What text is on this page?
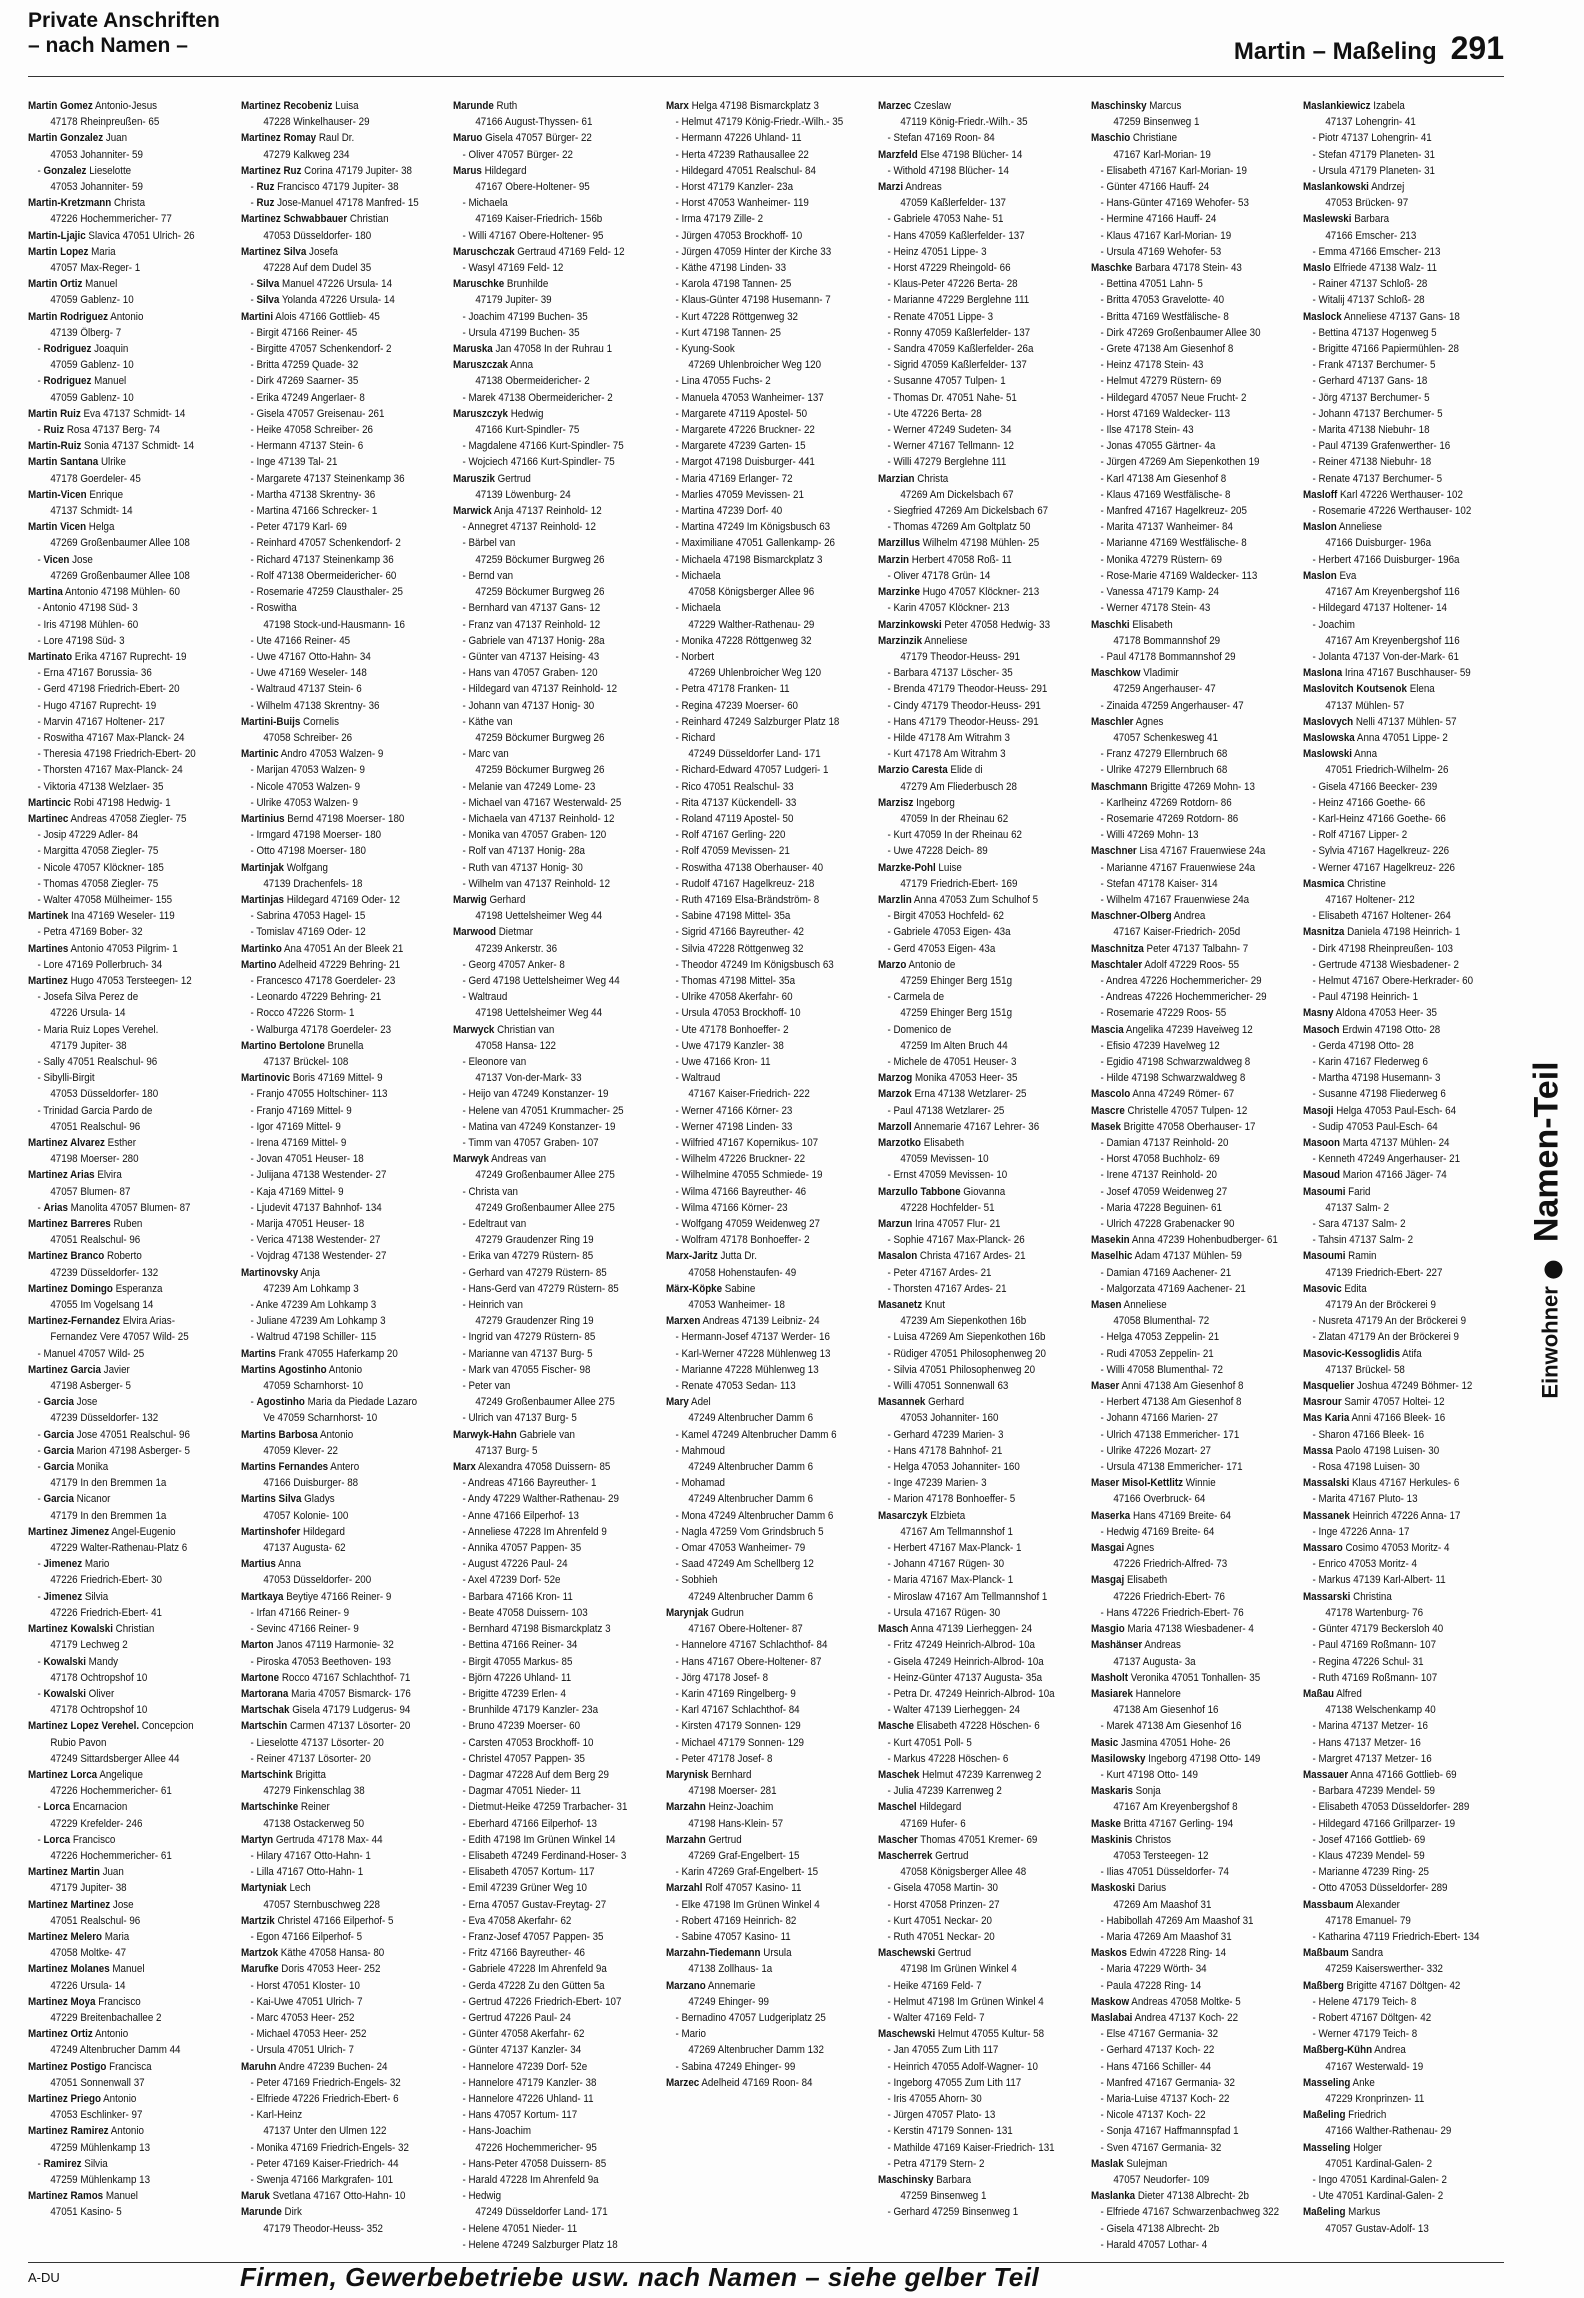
Private Anschriften
– nach Namen –	Martin – Maßeling 291
Martin Gomez Antonio-Jesus
47178 Rheinpreußen- 65
Martin Gonzalez Juan
47053 Johanniter- 59
- Gonzalez Lieselotte
47053 Johanniter- 59
Martin-Kretzmann Christa
47226 Hochemmericher- 77
Martin-Ljajic Slavica 47051 Ulrich- 26
Martin Lopez Maria
47057 Max-Reger- 1
Martin Ortiz Manuel
47059 Gablenz- 10
Martin Rodriguez Antonio
47139 Ölberg- 7
- Rodriguez Joaquin
47059 Gablenz- 10
- Rodriguez Manuel
47059 Gablenz- 10
Martin Ruiz Eva 47137 Schmidt- 14
- Ruiz Rosa 47137 Berg- 74
Martin-Ruiz Sonia 47137 Schmidt- 14
Martin Santana Ulrike
47178 Goerdeler- 45
Martin-Vicen Enrique
47137 Schmidt- 14
Martin Vicen Helga
47269 Großenbaumer Allee 108
- Vicen Jose
47269 Großenbaumer Allee 108
Martina Antonio 47198 Mühlen- 60
- Antonio 47198 Süd- 3
- Iris 47198 Mühlen- 60
- Lore 47198 Süd- 3
Martinato Erika 47167 Ruprecht- 19
- Erna 47167 Borussia- 36
- Gerd 47198 Friedrich-Ebert- 20
- Hugo 47167 Ruprecht- 19
- Marvin 47167 Holtener- 217
- Roswitha 47167 Max-Planck- 24
- Theresia 47198 Friedrich-Ebert- 20
- Thorsten 47167 Max-Planck- 24
- Viktoria 47138 Welzlaer- 35
Martincic Robi 47198 Hedwig- 1
Martinec Andreas 47058 Ziegler- 75
- Josip 47229 Adler- 84
- Margitta 47058 Ziegler- 75
- Nicole 47057 Klöckner- 185
- Thomas 47058 Ziegler- 75
- Walter 47058 Mülheimer- 155
Martinek Ina 47169 Weseler- 119
- Petra 47169 Bober- 32
Martines Antonio 47053 Pilgrim- 1
- Lore 47169 Pollerbruch- 34
Martinez Hugo 47053 Tersteegen- 12
- Josefa Silva Perez de
47226 Ursula- 14
- Maria Ruiz Lopes Verehel.
47179 Jupiter- 38
- Sally 47051 Realschul- 96
- Sibylli-Birgit
47053 Düsseldorfer- 180
- Trinidad Garcia Pardo de
47051 Realschul- 96
Martinez Alvarez Esther
47198 Moerser- 280
Martinez Arias Elvira
47057 Blumen- 87
- Arias Manolita 47057 Blumen- 87
Martinez Barreres Ruben
47051 Realschul- 96
Martinez Branco Roberto
47239 Düsseldorfer- 132
Martinez Domingo Esperanza
47055 Im Vogelsang 14
Martinez-Fernandez Elvira Arias-
Fernandez Vere 47057 Wild- 25
- Manuel 47057 Wild- 25
Martinez Garcia Javier
47198 Asberger- 5
- Garcia Jose
47239 Düsseldorfer- 132
- Garcia Jose 47051 Realschul- 96
- Garcia Marion 47198 Asberger- 5
- Garcia Monika
47179 In den Bremmen 1a
- Garcia Nicanor
47179 In den Bremmen 1a
Martinez Jimenez Angel-Eugenio
47229 Walter-Rathenau-Platz 6
- Jimenez Mario
47226 Friedrich-Ebert- 30
- Jimenez Silvia
47226 Friedrich-Ebert- 41
Martinez Kowalski Christian
47179 Lechweg 2
- Kowalski Mandy
47178 Ochtropshof 10
- Kowalski Oliver
47178 Ochtropshof 10
Martinez Lopez Verehel. Concepcion
Rubio Pavon
47249 Sittardsberger Allee 44
Martinez Lorca Angelique
47226 Hochemmericher- 61
- Lorca Encarnacion
47229 Krefelder- 246
- Lorca Francisco
47226 Hochemmericher- 61
Martinez Martin Juan
47179 Jupiter- 38
Martinez Martinez Jose
47051 Realschul- 96
Martinez Melero Maria
47058 Moltke- 47
Martinez Molanes Manuel
47226 Ursula- 14
Martinez Moya Francisco
47229 Breitenbachallee 2
Martinez Ortiz Antonio
47249 Altenbrucher Damm 44
Martinez Postigo Francisca
47051 Sonnenwall 37
Martinez Priego Antonio
47053 Eschlinker- 97
Martinez Ramirez Antonio
47259 Mühlenkamp 13
- Ramirez Silvia
47259 Mühlenkamp 13
Martinez Ramos Manuel
47051 Kasino- 5
Martinez Recobeniz Luisa
47228 Winkelhauser- 29
Martinez Romay Raul Dr.
47279 Kalkweg 234
Martinez Ruz Corina 47179 Jupiter- 38
- Ruz Francisco 47179 Jupiter- 38
- Ruz Jose-Manuel 47178 Manfred- 15
Martinez Schwabbauer Christian
47053 Düsseldorfer- 180
Martinez Silva Josefa
47228 Auf dem Dudel 35
- Silva Manuel 47226 Ursula- 14
- Silva Yolanda 47226 Ursula- 14
Martini Alois 47166 Gottlieb- 45
- Birgit 47166 Reiner- 45
- Birgitte 47057 Schenkendorf- 2
- Britta 47259 Quade- 32
- Dirk 47269 Saarner- 35
- Erika 47249 Angerlaer- 8
- Gisela 47057 Greisenau- 261
- Heike 47058 Schreiber- 26
- Hermann 47137 Stein- 6
- Inge 47139 Tal- 21
- Margarete 47137 Steinenkamp 36
- Martha 47138 Skrentny- 36
- Martina 47166 Schrecker- 1
- Peter 47179 Karl- 69
- Reinhard 47057 Schenkendorf- 2
- Richard 47137 Steinenkamp 36
- Rolf 47138 Obermeidericher- 60
- Rosemarie 47259 Clausthaler- 25
- Roswitha
47198 Stock-und-Hausmann- 16
- Ute 47166 Reiner- 45
- Uwe 47167 Otto-Hahn- 34
- Uwe 47169 Weseler- 148
- Waltraud 47137 Stein- 6
- Wilhelm 47138 Skrentny- 36
Martini-Buijs Cornelis
47058 Schreiber- 26
Martinic Andro 47053 Walzen- 9
- Marijan 47053 Walzen- 9
- Nicole 47053 Walzen- 9
- Ulrike 47053 Walzen- 9
Martinius Bernd 47198 Moerser- 180
- Irmgard 47198 Moerser- 180
- Otto 47198 Moerser- 180
Martinjak Wolfgang
47139 Drachenfels- 18
Martinjas Hildegard 47169 Oder- 12
- Sabrina 47053 Hagel- 15
- Tomislav 47169 Oder- 12
Martinko Ana 47051 An der Bleek 21
Martino Adelheid 47229 Behring- 21
- Francesco 47178 Goerdeler- 23
- Leonardo 47229 Behring- 21
- Rocco 47226 Storm- 1
- Walburga 47178 Goerdeler- 23
Martino Bertolone Brunella
47137 Brückel- 108
Martinovic Boris 47169 Mittel- 9
- Franjo 47055 Holtschiner- 113
- Franjo 47169 Mittel- 9
- Igor 47169 Mittel- 9
- Irena 47169 Mittel- 9
- Jovan 47051 Heuser- 18
- Julijana 47138 Westender- 27
- Kaja 47169 Mittel- 9
- Ljudevit 47137 Bahnhof- 134
- Marija 47051 Heuser- 18
- Verica 47138 Westender- 27
- Vojdrag 47138 Westender- 27
Martinovsky Anja
47239 Am Lohkamp 3
- Anke 47239 Am Lohkamp 3
- Juliane 47239 Am Lohkamp 3
- Waltrud 47198 Schiller- 115
Martins Frank 47055 Haferkamp 20
Martins Agostinho Antonio
47059 Scharnhorst- 10
- Agostinho Maria da Piedade Lazaro
Ve 47059 Scharnhorst- 10
Martins Barbosa Antonio
47059 Klever- 22
Martins Fernandes Antero
47166 Duisburger- 88
Martins Silva Gladys
47057 Kolonie- 100
Martinshofer Hildegard
47137 Augusta- 62
Martius Anna
47053 Düsseldorfer- 200
Martkaya Beytiye 47166 Reiner- 9
- Irfan 47166 Reiner- 9
- Sevinc 47166 Reiner- 9
Marton Janos 47119 Harmonie- 32
- Piroska 47053 Beethoven- 193
Martone Rocco 47167 Schlachthof- 71
Martorana Maria 47057 Bismarck- 176
Martschak Gisela 47179 Ludgerus- 94
Martschin Carmen 47137 Lösorter- 20
- Lieselotte 47137 Lösorter- 20
- Reiner 47137 Lösorter- 20
Martschink Brigitta
47279 Finkenschlag 38
Martschinke Reiner
47138 Ostackerweg 50
Martyn Gertruda 47178 Max- 44
- Hilary 47167 Otto-Hahn- 1
- Lilla 47167 Otto-Hahn- 1
Martyniak Lech
47057 Sternbuschweg 228
Martzik Christel 47166 Eilperhof- 5
- Egon 47166 Eilperhof- 5
Martzok Käthe 47058 Hansa- 80
Marufke Doris 47053 Heer- 252
- Horst 47051 Kloster- 10
- Kai-Uwe 47051 Ulrich- 7
- Marc 47053 Heer- 252
- Michael 47053 Heer- 252
- Ursula 47051 Ulrich- 7
Maruhn Andre 47239 Buchen- 24
- Peter 47169 Friedrich-Engels- 32
- Elfriede 47226 Friedrich-Ebert- 6
- Karl-Heinz
47137 Unter den Ulmen 122
- Monika 47169 Friedrich-Engels- 32
- Peter 47169 Kaiser-Friedrich- 44
- Swenja 47166 Markgrafen- 101
Maruk Svetlana 47167 Otto-Hahn- 10
Marunde Dirk
47179 Theodor-Heuss- 352
Marunde Ruth
47166 August-Thyssen- 61
Maruo Gisela 47057 Bürger- 22
- Oliver 47057 Bürger- 22
Marus Hildegard
47167 Obere-Holtener- 95
- Michaela
47169 Kaiser-Friedrich- 156b
- Willi 47167 Obere-Holtener- 95
Maruschczak Gertraud 47169 Feld- 12
- Wasyl 47169 Feld- 12
Maruschke Brunhilde
47179 Jupiter- 39
- Joachim 47199 Buchen- 35
- Ursula 47199 Buchen- 35
Maruska Jan 47058 In der Ruhrau 1
Maruszczak Anna
47138 Obermeidericher- 2
- Marek 47138 Obermeidericher- 2
Maruszczyk Hedwig
47166 Kurt-Spindler- 75
- Magdalene 47166 Kurt-Spindler- 75
- Wojciech 47166 Kurt-Spindler- 75
Maruszik Gertrud
47139 Löwenburg- 24
Marwick Anja 47137 Reinhold- 12
- Annegret 47137 Reinhold- 12
- Bärbel van
47259 Böckumer Burgweg 26
- Bernd van
47259 Böckumer Burgweg 26
- Bernhard van 47137 Gans- 12
- Franz van 47137 Reinhold- 12
- Gabriele van 47137 Honig- 28a
- Günter van 47137 Heising- 43
- Hans van 47057 Graben- 120
- Hildegard van 47137 Reinhold- 12
- Johann van 47137 Honig- 30
- Käthe van
47259 Böckumer Burgweg 26
- Marc van
47259 Böckumer Burgweg 26
- Melanie van 47249 Lome- 23
- Michael van 47167 Westerwald- 25
- Michaela van 47137 Reinhold- 12
- Monika van 47057 Graben- 120
- Rolf van 47137 Honig- 28a
- Ruth van 47137 Honig- 30
- Wilhelm van 47137 Reinhold- 12
Marwig Gerhard
47198 Uettelsheimer Weg 44
Marwood Dietmar
47239 Ankerstr. 36
- Georg 47057 Anker- 8
- Gerd 47198 Uettelsheimer Weg 44
- Waltraud
47198 Uettelsheimer Weg 44
Marwyck Christian van
47058 Hansa- 122
- Eleonore van
47137 Von-der-Mark- 33
- Heijo van 47249 Konstanzer- 19
- Helene van 47051 Krummacher- 25
- Matina van 47249 Konstanzer- 19
- Timm van 47057 Graben- 107
Marwyk Andreas van
47249 Großenbaumer Allee 275
- Christa van
47249 Großenbaumer Allee 275
- Edeltraut van
47279 Graudenzer Ring 19
- Erika van 47279 Rüstern- 85
- Gerhard van 47279 Rüstern- 85
- Hans-Gerd van 47279 Rüstern- 85
- Heinrich van
47279 Graudenzer Ring 19
- Ingrid van 47279 Rüstern- 85
- Marianne van 47137 Burg- 5
- Mark van 47055 Fischer- 98
- Peter van
47249 Großenbaumer Allee 275
- Ulrich van 47137 Burg- 5
Marwyk-Hahn Gabriele van
47137 Burg- 5
Marx Alexandra 47058 Duissern- 85
- Andreas 47166 Bayreuther- 1
- Andy 47229 Walther-Rathenau- 29
- Anne 47166 Eilperhof- 13
- Anneliese 47228 Im Ahrenfeld 9
- Annika 47057 Pappen- 35
- August 47226 Paul- 24
- Axel 47239 Dorf- 52e
- Barbara 47166 Kron- 11
- Beate 47058 Duissern- 103
- Bernhard 47198 Bismarckplatz 3
- Bettina 47166 Reiner- 34
- Birgit 47055 Markus- 85
- Björn 47226 Uhland- 11
- Brigitte 47239 Erlen- 4
- Brunhilde 47179 Kanzler- 23a
- Bruno 47239 Moerser- 60
- Carsten 47053 Brockhoff- 10
- Christel 47057 Pappen- 35
- Dagmar 47228 Auf dem Berg 29
- Dagmar 47051 Nieder- 11
- Dietmut-Heike 47259 Trarbacher- 31
- Eberhard 47166 Eilperhof- 13
- Edith 47198 Im Grünen Winkel 14
- Elisabeth 47249 Ferdinand-Hoser- 3
- Elisabeth 47057 Kortum- 117
- Emil 47239 Grüner Weg 10
- Erna 47057 Gustav-Freytag- 27
- Eva 47058 Akerfahr- 62
- Franz-Josef 47057 Pappen- 35
- Fritz 47166 Bayreuther- 46
- Gabriele 47228 Im Ahrenfeld 9a
- Gerda 47228 Zu den Gütten 5a
- Gertrud 47226 Friedrich-Ebert- 107
- Gertrud 47226 Paul- 24
- Günter 47058 Akerfahr- 62
- Günter 47137 Kanzler- 34
- Hannelore 47239 Dorf- 52e
- Hannelore 47179 Kanzler- 38
- Hannelore 47226 Uhland- 11
- Hans 47057 Kortum- 117
- Hans-Joachim
47226 Hochemmericher- 95
- Hans-Peter 47058 Duissern- 85
- Harald 47228 Im Ahrenfeld 9a
- Hedwig
47249 Düsseldorfer Land- 171
- Helene 47051 Nieder- 11
- Helene 47249 Salzburger Platz 18
Marx Helga 47198 Bismarckplatz 3
- Helmut 47179 König-Friedr.-Wilh.- 35
- Hermann 47226 Uhland- 11
- Herta 47239 Rathausallee 22
- Hildegard 47051 Realschul- 84
- Horst 47179 Kanzler- 23a
- Horst 47053 Wanheimer- 119
- Irma 47179 Zille- 2
- Jürgen 47053 Brockhoff- 10
- Jürgen 47059 Hinter der Kirche 33
- Käthe 47198 Linden- 33
- Karola 47198 Tannen- 25
- Klaus-Günter 47198 Husemann- 7
- Kurt 47228 Röttgenweg 32
- Kurt 47198 Tannen- 25
- Kyung-Sook
47269 Uhlenbroicher Weg 120
- Lina 47055 Fuchs- 2
- Manuela 47053 Wanheimer- 137
- Margarete 47119 Apostel- 50
- Margarete 47226 Bruckner- 22
- Margarete 47239 Garten- 15
- Margot 47198 Duisburger- 441
- Maria 47169 Erlanger- 72
- Marlies 47059 Mevissen- 21
- Martina 47239 Dorf- 40
- Martina 47249 Im Königsbusch 63
- Maximiliane 47051 Gallenkamp- 26
- Michaela 47198 Bismarckplatz 3
- Michaela
47058 Königsberger Allee 96
- Michaela
47229 Walther-Rathenau- 29
- Monika 47228 Röttgenweg 32
- Norbert
47269 Uhlenbroicher Weg 120
- Petra 47178 Franken- 11
- Regina 47239 Moerser- 60
- Reinhard 47249 Salzburger Platz 18
- Richard
47249 Düsseldorfer Land- 171
- Richard-Edward 47057 Ludgeri- 1
- Rico 47051 Realschul- 33
- Rita 47137 Kückendell- 33
- Roland 47119 Apostel- 50
- Rolf 47167 Gerling- 220
- Rolf 47059 Mevissen- 21
- Roswitha 47138 Oberhauser- 40
- Rudolf 47167 Hagelkreuz- 218
- Ruth 47169 Elsa-Brändström- 8
- Sabine 47198 Mittel- 35a
- Sigrid 47166 Bayreuther- 42
- Silvia 47228 Röttgenweg 32
- Theodor 47249 Im Königsbusch 63
- Thomas 47198 Mittel- 35a
- Ulrike 47058 Akerfahr- 60
- Ursula 47053 Brockhoff- 10
- Ute 47178 Bonhoeffer- 2
- Uwe 47179 Kanzler- 38
- Uwe 47166 Kron- 11
- Waltraud
47167 Kaiser-Friedrich- 222
- Werner 47166 Körner- 23
- Werner 47198 Linden- 33
- Wilfried 47167 Kopernikus- 107
- Wilhelm 47226 Bruckner- 22
- Wilhelmine 47055 Schmiede- 19
- Wilma 47166 Bayreuther- 46
- Wilma 47166 Körner- 23
- Wolfgang 47059 Weidenweg 27
- Wolfram 47178 Bonhoeffer- 2
Marx-Jaritz Jutta Dr.
47058 Hohenstaufen- 49
Märx-Köpke Sabine
47053 Wanheimer- 18
Marxen Andreas 47139 Leibniz- 24
- Hermann-Josef 47137 Werder- 16
- Karl-Werner 47228 Mühlenweg 13
- Marianne 47228 Mühlenweg 13
- Renate 47053 Sedan- 113
Mary Adel
47249 Altenbrucher Damm 6
- Kamel 47249 Altenbrucher Damm 6
- Mahmoud
47249 Altenbrucher Damm 6
- Mohamad
47249 Altenbrucher Damm 6
- Mona 47249 Altenbrucher Damm 6
- Nagla 47259 Vom Grindsbruch 5
- Omar 47053 Wanheimer- 79
- Saad 47249 Am Schellberg 12
- Sobhieh
47249 Altenbrucher Damm 6
Marynjak Gudrun
47167 Obere-Holtener- 87
- Hannelore 47167 Schlachthof- 84
- Hans 47167 Obere-Holtener- 87
- Jörg 47178 Josef- 8
- Karin 47169 Ringelberg- 9
- Karl 47167 Schlachthof- 84
- Kirsten 47179 Sonnen- 129
- Michael 47179 Sonnen- 129
- Peter 47178 Josef- 8
Marynisk Bernhard
47198 Moerser- 281
Marzahn Heinz-Joachim
47198 Hans-Klein- 57
Marzahn Gertrud
47269 Graf-Engelbert- 15
- Karin 47269 Graf-Engelbert- 15
Marzahl Rolf 47057 Kasino- 11
- Elke 47198 Im Grünen Winkel 4
- Robert 47169 Heinrich- 82
- Sabine 47057 Kasino- 11
Marzahn-Tiedemann Ursula
47138 Zollhaus- 1a
Marzano Annemarie
47249 Ehinger- 99
- Bernadino 47057 Ludgeriplatz 25
- Mario
47269 Altenbrucher Damm 132
- Sabina 47249 Ehinger- 99
Marzec Adelheid 47169 Roon- 84
Marzec Czeslaw
47119 König-Friedr.-Wilh.- 35
- Stefan 47169 Roon- 84
Marzfeld Else 47198 Blücher- 14
- Withold 47198 Blücher- 14
Marzi Andreas
47059 Kaßlerfelder- 137
- Gabriele 47053 Nahe- 51
- Hans 47059 Kaßlerfelder- 137
- Heinz 47051 Lippe- 3
- Horst 47229 Rheingold- 66
- Klaus-Peter 47226 Berta- 28
- Marianne 47229 Berglehne 111
- Renate 47051 Lippe- 3
- Ronny 47059 Kaßlerfelder- 137
- Sandra 47059 Kaßlerfelder- 26a
- Sigrid 47059 Kaßlerfelder- 137
- Susanne 47057 Tulpen- 1
- Thomas Dr. 47051 Nahe- 51
- Ute 47226 Berta- 28
- Werner 47249 Sudeten- 34
- Werner 47167 Tellmann- 12
- Willi 47279 Berglehne 111
Marzian Christa
47269 Am Dickelsbach 67
- Siegfried 47269 Am Dickelsbach 67
- Thomas 47269 Am Goltplatz 50
Marzillus Wilhelm 47198 Mühlen- 25
Marzin Herbert 47058 Roß- 11
- Oliver 47178 Grün- 14
Marzinke Hugo 47057 Klöckner- 213
- Karin 47057 Klöckner- 213
Marzinkowski Peter 47058 Hedwig- 33
Marzinzik Anneliese
47179 Theodor-Heuss- 291
- Barbara 47137 Löscher- 35
- Brenda 47179 Theodor-Heuss- 291
- Cindy 47179 Theodor-Heuss- 291
- Hans 47179 Theodor-Heuss- 291
- Hilde 47178 Am Witrahm 3
- Kurt 47178 Am Witrahm 3
Marzio Caresta Elide di
47279 Am Fliederbusch 28
Marzisz Ingeborg
47059 In der Rheinau 62
- Kurt 47059 In der Rheinau 62
- Uwe 47228 Deich- 89
Marzke-Pohl Luise
47179 Friedrich-Ebert- 169
Marzlin Anna 47053 Zum Schulhof 5
- Birgit 47053 Hochfeld- 62
- Gabriele 47053 Eigen- 43a
- Gerd 47053 Eigen- 43a
Marzo Antonio de
47259 Ehinger Berg 151g
- Carmela de
47259 Ehinger Berg 151g
- Domenico de
47259 Im Alten Bruch 44
- Michele de 47051 Heuser- 3
Marzog Monika 47053 Heer- 35
Marzok Erna 47138 Wetzlarer- 25
- Paul 47138 Wetzlarer- 25
Marzoll Annemarie 47167 Lehrer- 36
Marzotko Elisabeth
47059 Mevissen- 10
- Ernst 47059 Mevissen- 10
Marzullo Tabbone Giovanna
47228 Hochfelder- 51
Marzun Irina 47057 Flur- 21
- Sophie 47167 Max-Planck- 26
Masalon Christa 47167 Ardes- 21
- Peter 47167 Ardes- 21
- Thorsten 47167 Ardes- 21
Masanetz Knut
47239 Am Siepenkothen 16b
- Luisa 47269 Am Siepenkothen 16b
- Rüdiger 47051 Philosophenweg 20
- Silvia 47051 Philosophenweg 20
- Willi 47051 Sonnenwall 63
Masannek Gerhard
47053 Johanniter- 160
- Gerhard 47239 Marien- 3
- Hans 47178 Bahnhof- 21
- Helga 47053 Johanniter- 160
- Inge 47239 Marien- 3
- Marion 47178 Bonhoeffer- 5
Masarczyk Elzbieta
47167 Am Tellmannshof 1
- Herbert 47167 Max-Planck- 1
- Johann 47167 Rügen- 30
- Maria 47167 Max-Planck- 1
- Miroslaw 47167 Am Tellmannshof 1
- Ursula 47167 Rügen- 30
Masch Anna 47139 Lierheggen- 24
- Fritz 47249 Heinrich-Albrod- 10a
- Gisela 47249 Heinrich-Albrod- 10a
- Heinz-Günter 47137 Augusta- 35a
- Petra Dr. 47249 Heinrich-Albrod- 10a
- Walter 47139 Lierheggen- 24
Masche Elisabeth 47228 Höschen- 6
- Kurt 47051 Poll- 5
- Markus 47228 Höschen- 6
Maschek Helmut 47239 Karrenweg 2
- Julia 47239 Karrenweg 2
Maschel Hildegard
47169 Hufer- 6
Mascher Thomas 47051 Kremer- 69
Mascherrek Gertrud
47058 Königsberger Allee 48
- Gisela 47058 Martin- 30
- Horst 47058 Prinzen- 27
- Kurt 47051 Neckar- 20
- Ruth 47051 Neckar- 20
Maschewski Gertrud
47198 Im Grünen Winkel 4
- Heike 47169 Feld- 7
- Helmut 47198 Im Grünen Winkel 4
- Walter 47169 Feld- 7
Maschewski Helmut 47055 Kultur- 58
- Jan 47055 Zum Lith 117
- Heinrich 47055 Adolf-Wagner- 10
- Ingeborg 47055 Zum Lith 117
- Iris 47055 Ahorn- 30
- Jürgen 47057 Plato- 13
- Kerstin 47179 Sonnen- 131
- Mathilde 47169 Kaiser-Friedrich- 131
- Petra 47179 Stern- 2
Maschinsky Barbara
47259 Binsenweg 1
- Gerhard 47259 Binsenweg 1
Maschinsky Marcus
47259 Binsenweg 1
Maschio Christiane
47167 Karl-Morian- 19
- Elisabeth 47167 Karl-Morian- 19
- Günter 47166 Hauff- 24
- Hans-Günter 47169 Wehofer- 53
- Hermine 47166 Hauff- 24
- Klaus 47167 Karl-Morian- 19
- Ursula 47169 Wehofer- 53
Maschke Barbara 47178 Stein- 43
- Bettina 47051 Lahn- 5
- Britta 47053 Gravelotte- 40
- Britta 47169 Westfälische- 8
- Dirk 47269 Großenbaumer Allee 30
- Grete 47138 Am Giesenhof 8
- Heinz 47178 Stein- 43
- Helmut 47279 Rüstern- 69
- Hildegard 47057 Neue Frucht- 2
- Horst 47169 Waldecker- 113
- Ilse 47178 Stein- 43
- Jonas 47055 Gärtner- 4a
- Jürgen 47269 Am Siepenkothen 19
- Karl 47138 Am Giesenhof 8
- Klaus 47169 Westfälische- 8
- Manfred 47167 Hagelkreuz- 205
- Marita 47137 Wanheimer- 84
- Marianne 47169 Westfälische- 8
- Monika 47279 Rüstern- 69
- Rose-Marie 47169 Waldecker- 113
- Vanessa 47179 Kamp- 24
- Werner 47178 Stein- 43
Maschki Elisabeth
47178 Bommannshof 29
- Paul 47178 Bommannshof 29
Maschkow Vladimir
47259 Angerhauser- 47
- Zinaida 47259 Angerhauser- 47
Maschler Agnes
47057 Schenkesweg 41
- Franz 47279 Ellernbruch 68
- Ulrike 47279 Ellernbruch 68
Maschmann Brigitte 47269 Mohn- 13
- Karlheinz 47269 Rotdorn- 86
- Rosemarie 47269 Rotdorn- 86
- Willi 47269 Mohn- 13
Maschner Lisa 47167 Frauenwiese 24a
- Marianne 47167 Frauenwiese 24a
- Stefan 47178 Kaiser- 314
- Wilhelm 47167 Frauenwiese 24a
Maschner-Olberg Andrea
47167 Kaiser-Friedrich- 205d
Maschnitza Peter 47137 Talbahn- 7
Maschtaler Adolf 47229 Roos- 55
- Andrea 47226 Hochemmericher- 29
- Andreas 47226 Hochemmericher- 29
- Rosemarie 47229 Roos- 55
Mascia Angelika 47239 Haveiweg 12
- Efisio 47239 Havelweg 12
- Egidio 47198 Schwarzwaldweg 8
- Hilde 47198 Schwarzwaldweg 8
Mascolo Anna 47249 Römer- 67
Mascre Christelle 47057 Tulpen- 12
Masek Brigitte 47058 Oberhauser- 17
- Damian 47137 Reinhold- 20
- Horst 47058 Buchholz- 69
- Irene 47137 Reinhold- 20
- Josef 47059 Weidenweg 27
- Maria 47228 Beguinen- 61
- Ulrich 47228 Grabenacker 90
Masekin Anna 47239 Hohenbudberger- 61
Maselhic Adam 47137 Mühlen- 59
- Damian 47169 Aachener- 21
- Malgorzata 47169 Aachener- 21
Masen Anneliese
47058 Blumenthal- 72
- Helga 47053 Zeppelin- 21
- Rudi 47053 Zeppelin- 21
- Willi 47058 Blumenthal- 72
Maser Anni 47138 Am Giesenhof 8
- Herbert 47138 Am Giesenhof 8
- Johann 47166 Marien- 27
- Ulrich 47138 Emmericher- 171
- Ulrike 47226 Mozart- 27
- Ursula 47138 Emmericher- 171
Maser Misol-Kettlitz Winnie
47166 Overbruck- 64
Maserka Hans 47169 Breite- 64
- Hedwig 47169 Breite- 64
Masgai Agnes
47226 Friedrich-Alfred- 73
Masgaj Elisabeth
47226 Friedrich-Ebert- 76
- Hans 47226 Friedrich-Ebert- 76
Masgio Maria 47138 Wiesbadener- 4
Mashänser Andreas
47137 Augusta- 3a
Masholt Veronika 47051 Tonhallen- 35
Masiarek Hannelore
47138 Am Giesenhof 16
- Marek 47138 Am Giesenhof 16
Masic Jasmina 47051 Hohe- 26
Masilowsky Ingeborg 47198 Otto- 149
- Kurt 47198 Otto- 149
Maskaris Sonja
47167 Am Kreyenbergshof 8
Maske Britta 47167 Gerling- 194
Maskinis Christos
47053 Tersteegen- 12
- Ilias 47051 Düsseldorfer- 74
Maskoski Darius
47269 Am Maashof 31
- Habibollah 47269 Am Maashof 31
- Maria 47269 Am Maashof 31
Maskos Edwin 47228 Ring- 14
- Maria 47229 Wörth- 34
- Paula 47228 Ring- 14
Maskow Andreas 47058 Moltke- 5
Maslabai Andrea 47137 Koch- 22
- Else 47167 Germania- 32
- Gerhard 47137 Koch- 22
- Hans 47166 Schiller- 44
- Manfred 47167 Germania- 32
- Maria-Luise 47137 Koch- 22
- Nicole 47137 Koch- 22
- Sonja 47167 Haffmannspfad 1
- Sven 47167 Germania- 32
Maslak Sulejman
47057 Neudorfer- 109
Maslanka Dieter 47138 Albrecht- 2b
- Elfriede 47167 Schwarzenbachweg 322
- Gisela 47138 Albrecht- 2b
- Harald 47057 Lothar- 4
Maslankiewicz Izabela
47137 Lohengrin- 41
- Piotr 47137 Lohengrin- 41
- Stefan 47179 Planeten- 31
- Ursula 47179 Planeten- 31
Maslankowski Andrzej
47053 Brücken- 97
Maslewski Barbara
47166 Emscher- 213
- Emma 47166 Emscher- 213
Maslo Elfriede 47138 Walz- 11
- Rainer 47137 Schloß- 28
- Witalij 47137 Schloß- 28
Maslock Anneliese 47137 Gans- 18
- Bettina 47137 Hogenweg 5
- Brigitte 47166 Papiermühlen- 28
- Frank 47137 Berchumer- 5
- Gerhard 47137 Gans- 18
- Jörg 47137 Berchumer- 5
- Johann 47137 Berchumer- 5
- Marita 47138 Niebuhr- 18
- Paul 47139 Grafenwerther- 16
- Reiner 47138 Niebuhr- 18
- Renate 47137 Berchumer- 5
Masloff Karl 47226 Werthauser- 102
- Rosemarie 47226 Werthauser- 102
Maslon Anneliese
47166 Duisburger- 196a
- Herbert 47166 Duisburger- 196a
Maslon Eva
47167 Am Kreyenbergshof 116
- Hildegard 47137 Holtener- 14
- Joachim
47167 Am Kreyenbergshof 116
- Jolanta 47137 Von-der-Mark- 61
Maslona Irina 47167 Buschhauser- 59
Maslovitch Koutsenok Elena
47137 Mühlen- 57
Maslovych Nelli 47137 Mühlen- 57
Maslowska Anna 47051 Lippe- 2
Maslowski Anna
47051 Friedrich-Wilhelm- 26
- Gisela 47166 Beecker- 239
- Heinz 47166 Goethe- 66
- Karl-Heinz 47166 Goethe- 66
- Rolf 47167 Lipper- 2
- Sylvia 47167 Hagelkreuz- 226
- Werner 47167 Hagelkreuz- 226
Masmica Christine
47167 Holtener- 212
- Elisabeth 47167 Holtener- 264
Masnitza Daniela 47198 Heinrich- 1
- Dirk 47198 Rheinpreußen- 103
- Gertrude 47138 Wiesbadener- 2
- Helmut 47167 Obere-Herkrader- 60
- Paul 47198 Heinrich- 1
Masny Aldona 47053 Heer- 35
Masoch Erdwin 47198 Otto- 28
- Gerda 47198 Otto- 28
- Karin 47167 Flederweg 6
- Martha 47198 Husemann- 3
- Susanne 47198 Fliederweg 6
Masoji Helga 47053 Paul-Esch- 64
- Sudip 47053 Paul-Esch- 64
Masoon Marta 47137 Mühlen- 24
- Kenneth 47249 Angerhauser- 21
Masoud Marion 47166 Jäger- 74
Masoumi Farid
47137 Salm- 2
- Sara 47137 Salm- 2
- Tahsin 47137 Salm- 2
Masoumi Ramin
47139 Friedrich-Ebert- 227
Masovic Edita
47179 An der Bröckerei 9
- Nusreta 47179 An der Bröckerei 9
- Zlatan 47179 An der Bröckerei 9
Masovic-Kessoglidis Atifa
47137 Brückel- 58
Masquelier Joshua 47249 Böhmer- 12
Masrour Samir 47057 Holtei- 12
Mas Karia Anni 47166 Bleek- 16
- Sharon 47166 Bleek- 16
Massa Paolo 47198 Luisen- 30
- Rosa 47198 Luisen- 30
Massalski Klaus 47167 Herkules- 6
- Marita 47167 Pluto- 13
Massanek Heinrich 47226 Anna- 17
- Inge 47226 Anna- 17
Massaro Cosimo 47053 Moritz- 4
- Enrico 47053 Moritz- 4
- Markus 47139 Karl-Albert- 11
Massarski Christina
47178 Wartenburg- 76
- Günter 47179 Beckersloh 40
- Paul 47169 Roßmann- 107
- Regina 47226 Schul- 31
- Ruth 47169 Roßmann- 107
Maßau Alfred
47138 Welschenkamp 40
- Marina 47137 Metzer- 16
- Hans 47137 Metzer- 16
- Margret 47137 Metzer- 16
Massauer Anna 47166 Gottlieb- 69
- Barbara 47239 Mendel- 59
- Elisabeth 47053 Düsseldorfer- 289
- Hildegard 47166 Grillparzer- 19
- Josef 47166 Gottlieb- 69
- Klaus 47239 Mendel- 59
- Marianne 47239 Ring- 25
- Otto 47053 Düsseldorfer- 289
Massbaum Alexander
47178 Emanuel- 79
- Katharina 47119 Friedrich-Ebert- 134
Maßbaum Sandra
47259 Kaiserswerther- 332
Maßberg Brigitte 47167 Döltgen- 42
- Helene 47179 Teich- 8
- Robert 47167 Döltgen- 42
- Werner 47179 Teich- 8
Maßberg-Kühn Andrea
47167 Westerwald- 19
Masseling Anke
47229 Kronprinzen- 11
Maßeling Friedrich
47166 Walther-Rathenau- 29
Masseling Holger
47051 Kardinal-Galen- 2
- Ingo 47051 Kardinal-Galen- 2
- Ute 47051 Kardinal-Galen- 2
Maßeling Markus
47057 Gustav-Adolf- 13
EinwohnerNamen-Teil
A-DU	Firmen, Gewerbebetriebe usw. nach Namen – siehe gelber Teil
